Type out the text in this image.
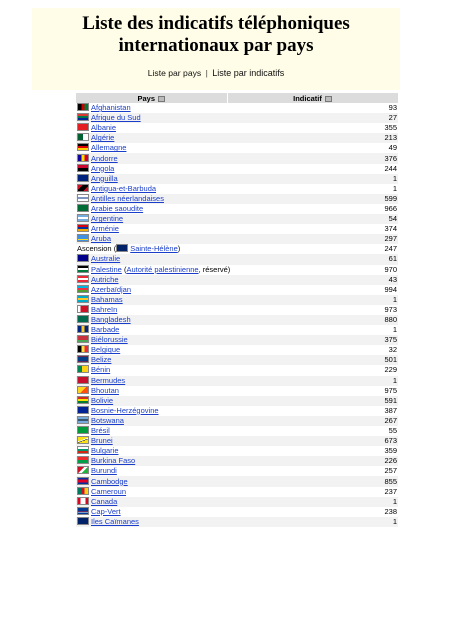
Liste des indicatifs téléphoniques internationaux par pays
Liste par pays | Liste par indicatifs
Pays	Indicatif
Afghanistan	93
Afrique du Sud	27
Albanie	355
Algérie	213
Allemagne	49
Andorre	376
Angola	244
Anguilla	1
Antigua-et-Barbuda	1
Antilles néerlandaises	599
Arabie saoudite	966
Argentine	54
Arménie	374
Aruba	297
Ascension ( Sainte-Hélène)	247
Australie	61
Palestine (Autorité palestinienne, réservé)	970
Autriche	43
Azerbaïdjan	994
Bahamas	1
Bahreïn	973
Bangladesh	880
Barbade	1
Biélorussie	375
Belgique	32
Belize	501
Bénin	229
Bermudes	1
Bhoutan	975
Bolivie	591
Bosnie-Herzégovine	387
Botswana	267
Brésil	55
Brunei	673
Bulgarie	359
Burkina Faso	226
Burundi	257
Cambodge	855
Cameroun	237
Canada	1
Cap-Vert	238
Iles Caïmanes	1
